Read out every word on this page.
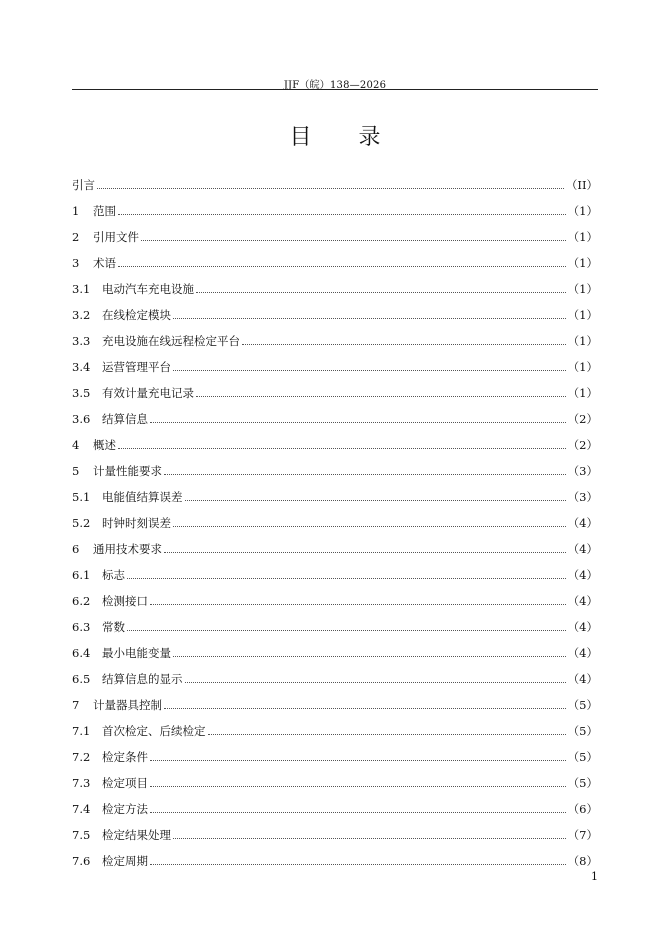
JJF（皖）138—2026
目 录
引言	（II）
1	范围	（1）
2	引用文件	（1）
3	术语	（1）
3.1	电动汽车充电设施	（1）
3.2	在线检定模块	（1）
3.3	充电设施在线远程检定平台	（1）
3.4	运营管理平台	（1）
3.5	有效计量充电记录	（1）
3.6	结算信息	（2）
4	概述	（2）
5	计量性能要求	（3）
5.1	电能值结算误差	（3）
5.2	时钟时刻误差	（4）
6	通用技术要求	（4）
6.1	标志	（4）
6.2	检测接口	（4）
6.3	常数	（4）
6.4	最小电能变量	（4）
6.5	结算信息的显示	（4）
7	计量器具控制	（5）
7.1	首次检定、后续检定	（5）
7.2	检定条件	（5）
7.3	检定项目	（5）
7.4	检定方法	（6）
7.5	检定结果处理	（7）
7.6	检定周期	（8）
1
